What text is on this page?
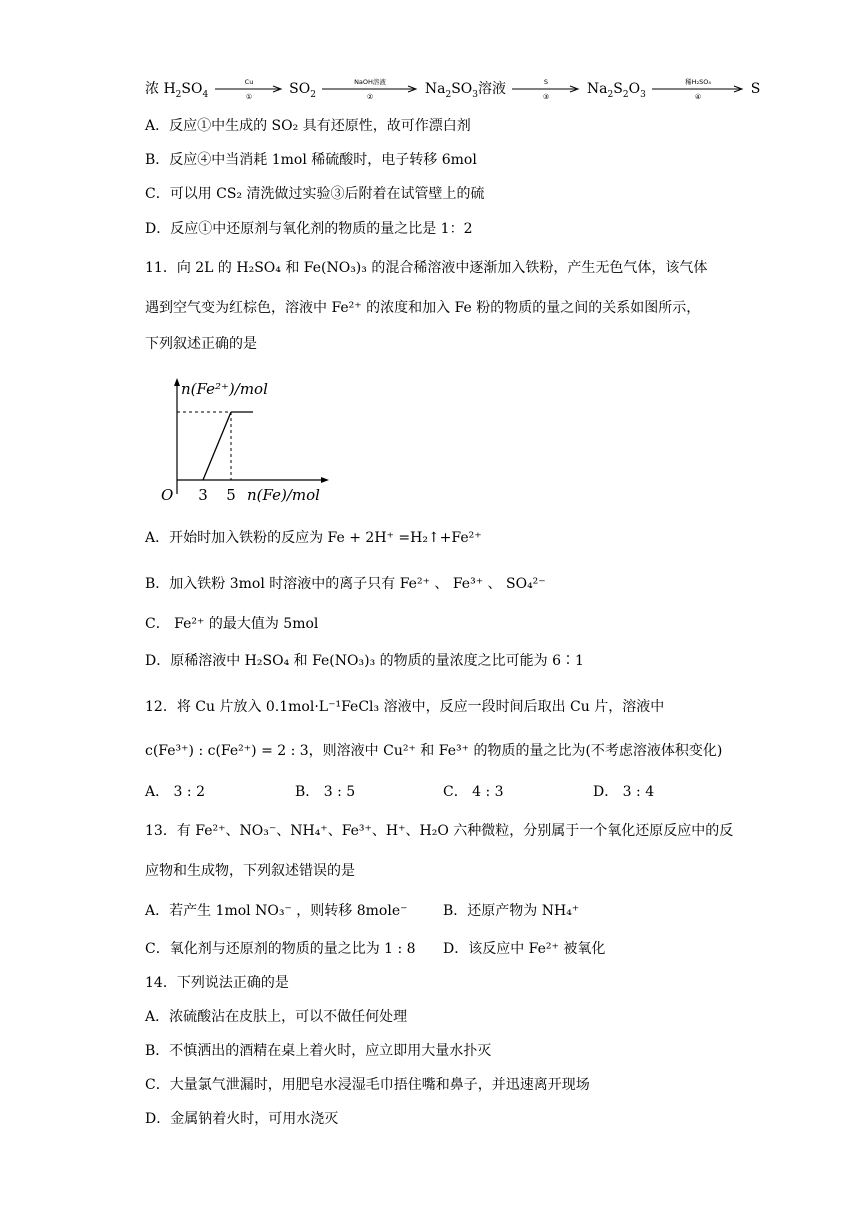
浓 $H_2SO_4$
Cu
①	$SO_2$
NaOH溶液
②	$Na_2SO_3$溶液	S
③	$Na_2S_2O_3$
稀H₂SO₄
④	S
A．反应①中生成的 SO₂ 具有还原性，故可作漂白剂
B．反应④中当消耗 1mol 稀硫酸时，电子转移 6mol
C．可以用 CS₂ 清洗做过实验③后附着在试管壁上的硫
D．反应①中还原剂与氧化剂的物质的量之比是 1：2
11．向 2L 的 H₂SO₄ 和 Fe(NO₃)₃ 的混合稀溶液中逐渐加入铁粉，产生无色气体，该气体
遇到空气变为红棕色，溶液中 Fe²⁺ 的浓度和加入 Fe 粉的物质的量之间的关系如图所示，
下列叙述正确的是
n(Fe²⁺)/mol
n(Fe)/mol
O 3 5
A．开始时加入铁粉的反应为 Fe + 2H⁺ =H₂↑+Fe²⁺
B．加入铁粉 3mol 时溶液中的离子只有 Fe²⁺ 、 Fe³⁺ 、 SO₄²⁻
C． Fe²⁺ 的最大值为 5mol
D．原稀溶液中 H₂SO₄ 和 Fe(NO₃)₃ 的物质的量浓度之比可能为 6∶1
12．将 Cu 片放入 0.1mol·L⁻¹FeCl₃ 溶液中，反应一段时间后取出 Cu 片，溶液中
c(Fe³⁺) : c(Fe²⁺) = 2 : 3，则溶液中 Cu²⁺ 和 Fe³⁺ 的物质的量之比为(不考虑溶液体积变化)
A． 3 : 2	B． 3 : 5	C． 4 : 3	D． 3 : 4
13．有 Fe²⁺、NO₃⁻、NH₄⁺、Fe³⁺、H⁺、H₂O 六种微粒，分别属于一个氧化还原反应中的反
应物和生成物，下列叙述错误的是
A．若产生 1mol NO₃⁻ ，则转移 8mole⁻	B．还原产物为 NH₄⁺
C．氧化剂与还原剂的物质的量之比为 1 : 8 D．该反应中 Fe²⁺ 被氧化
14．下列说法正确的是
A．浓硫酸沾在皮肤上，可以不做任何处理
B．不慎洒出的酒精在桌上着火时，应立即用大量水扑灭
C．大量氯气泄漏时，用肥皂水浸湿毛巾捂住嘴和鼻子，并迅速离开现场
D．金属钠着火时，可用水浇灭
